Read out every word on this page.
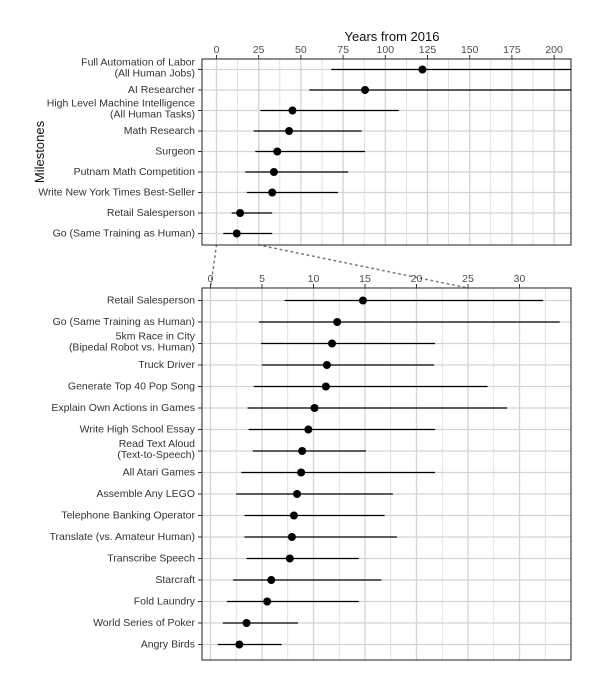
0	25	50	75	100 125 150 175 200
Full Automation of Labor (All Human Jobs)
AI Researcher
High Level Machine Intelligence (All Human Tasks)
Math Research
Surgeon
Putnam Math Competition
Write New York Times Best-Seller
Retail Salesperson
Go (Same Training as Human)
0	5	10	15	20	25	30
Retail Salesperson
Go (Same Training as Human)
5km Race in City (Bipedal Robot vs. Human)
Truck Driver
Generate Top 40 Pop Song
Explain Own Actions in Games
Write High School Essay
Read Text Aloud (Text-to-Speech)
All Atari Games
Assemble Any LEGO
Telephone Banking Operator
Translate (vs. Amateur Human)
Transcribe Speech
Starcraft
Fold Laundry
World Series of Poker
Angry Birds
Years from 2016
Milestones
